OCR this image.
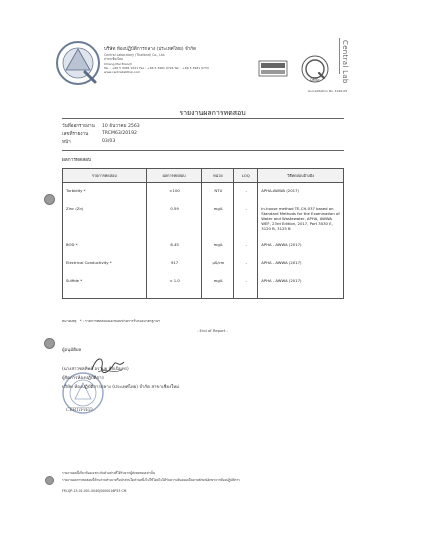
บริษัท ห้องปฏิบัติการกลาง (ประเทศไทย) จำกัด
Central Laboratory (Thailand) Co., Ltd.
สาขาเชียงใหม่
Chiang Mai Branch
Tel. : +66 5 3981 9721 Fax : +66 5 3981 9724 Tel. : +66 5 3981 9733
www.centrallabthai.com
DMSc	Central Lab
Accreditation No. 1016-05
รายงานผลการทดสอบ
วันที่ออกรายงาน 10 ธันวาคม 2563
เลขที่รายงาน	TRCM63/20192
หน้า	03/03
ผลการทดสอบ
รายการทดสอบ	ผลการทดสอบ	หน่วย	LOQ	วิธีทดสอบอ้างอิง
Turbidity *	>100	NTU	-	APHA-AWWA (2017)
Zinc (Zn)	0.59	mg/L	-	In-house method TE-CH-037 based on Standard Methods for the Examination of Water and Wastewater, APHA, AWWA WEF, 23rd Edition, 2017, Part 3030 E, 3120 B, 3125 B
BOD *	8.45	mg/L	-	APHA - AWWA (2017)
Electrical Conductivity *	917	µS/cm	-	APHA - AWWA (2017)
Sulfide *	< 1.0	mg/L	-	APHA - AWWA (2017)
หมายเหตุ * : รายการทดสอบนอกขอบข่ายการรับรองมาตรฐานฯ
- End of Report -
ผู้อนุมัติผล
(นางสาวชลทิพย์ อรามย พิกเนินทร)
ผู้จัดการห้องปฏิบัติการ
บริษัท ห้องปฏิบัติการกลาง (ประเทศไทย) จำกัด สาขาเชียงใหม่
CERTIFIED
รายงานผลนี้เกี่ยวข้องเฉพาะกับตัวอย่างที่ได้รับจากผู้ส่งทดสอบเท่านั้น
รายงานผลการทดสอบนี้ห้ามถ่ายสำเนาหรือนำส่วนใดส่วนหนึ่งไปใช้โดยไม่ได้รับความยินยอมเป็นลายลักษณ์อักษรจากห้องปฏิบัติการ
FM-QP-13-01-001-0040|0000016P33 CM
